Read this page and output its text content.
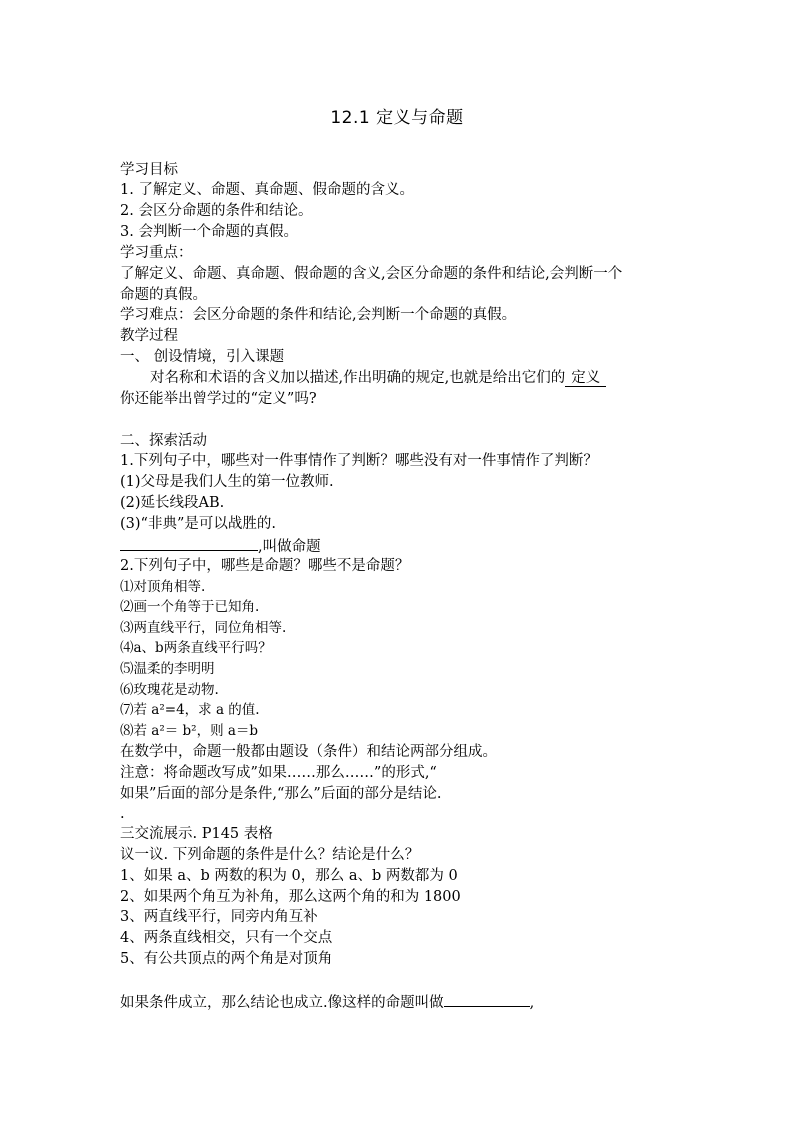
12.1 定义与命题
学习目标
1. 了解定义、命题、真命题、假命题的含义。
2. 会区分命题的条件和结论。
3. 会判断一个命题的真假。
学习重点：
了解定义、命题、真命题、假命题的含义,会区分命题的条件和结论,会判断一个
命题的真假。
学习难点：会区分命题的条件和结论,会判断一个命题的真假。
教学过程
一、 创设情境，引入课题
对名称和术语的含义加以描述,作出明确的规定,也就是给出它们的 定义
你还能举出曾学过的“定义”吗?
二、探索活动
1.下列句子中，哪些对一件事情作了判断？哪些没有对一件事情作了判断？
(1)父母是我们人生的第一位教师.
(2)延长线段AB.
(3)“非典”是可以战胜的.
,叫做命题
2.下列句子中，哪些是命题？哪些不是命题？
⑴对顶角相等.
⑵画一个角等于已知角.
⑶两直线平行，同位角相等.
⑷a、b两条直线平行吗？
⑸温柔的李明明
⑹玫瑰花是动物.
⑺若 a²=4，求 a 的值.
⑻若 a²＝ b²，则 a＝b
在数学中，命题一般都由题设（条件）和结论两部分组成。
注意：将命题改写成”如果……那么……”的形式,“
如果”后面的部分是条件,“那么”后面的部分是结论.
.
三交流展示. P145 表格
议一议. 下列命题的条件是什么？结论是什么？
1、如果 a、b 两数的积为 0，那么 a、b 两数都为 0
2、如果两个角互为补角，那么这两个角的和为 1800
3、两直线平行，同旁内角互补
4、两条直线相交，只有一个交点
5、有公共顶点的两个角是对顶角
如果条件成立，那么结论也成立.像这样的命题叫做	,
